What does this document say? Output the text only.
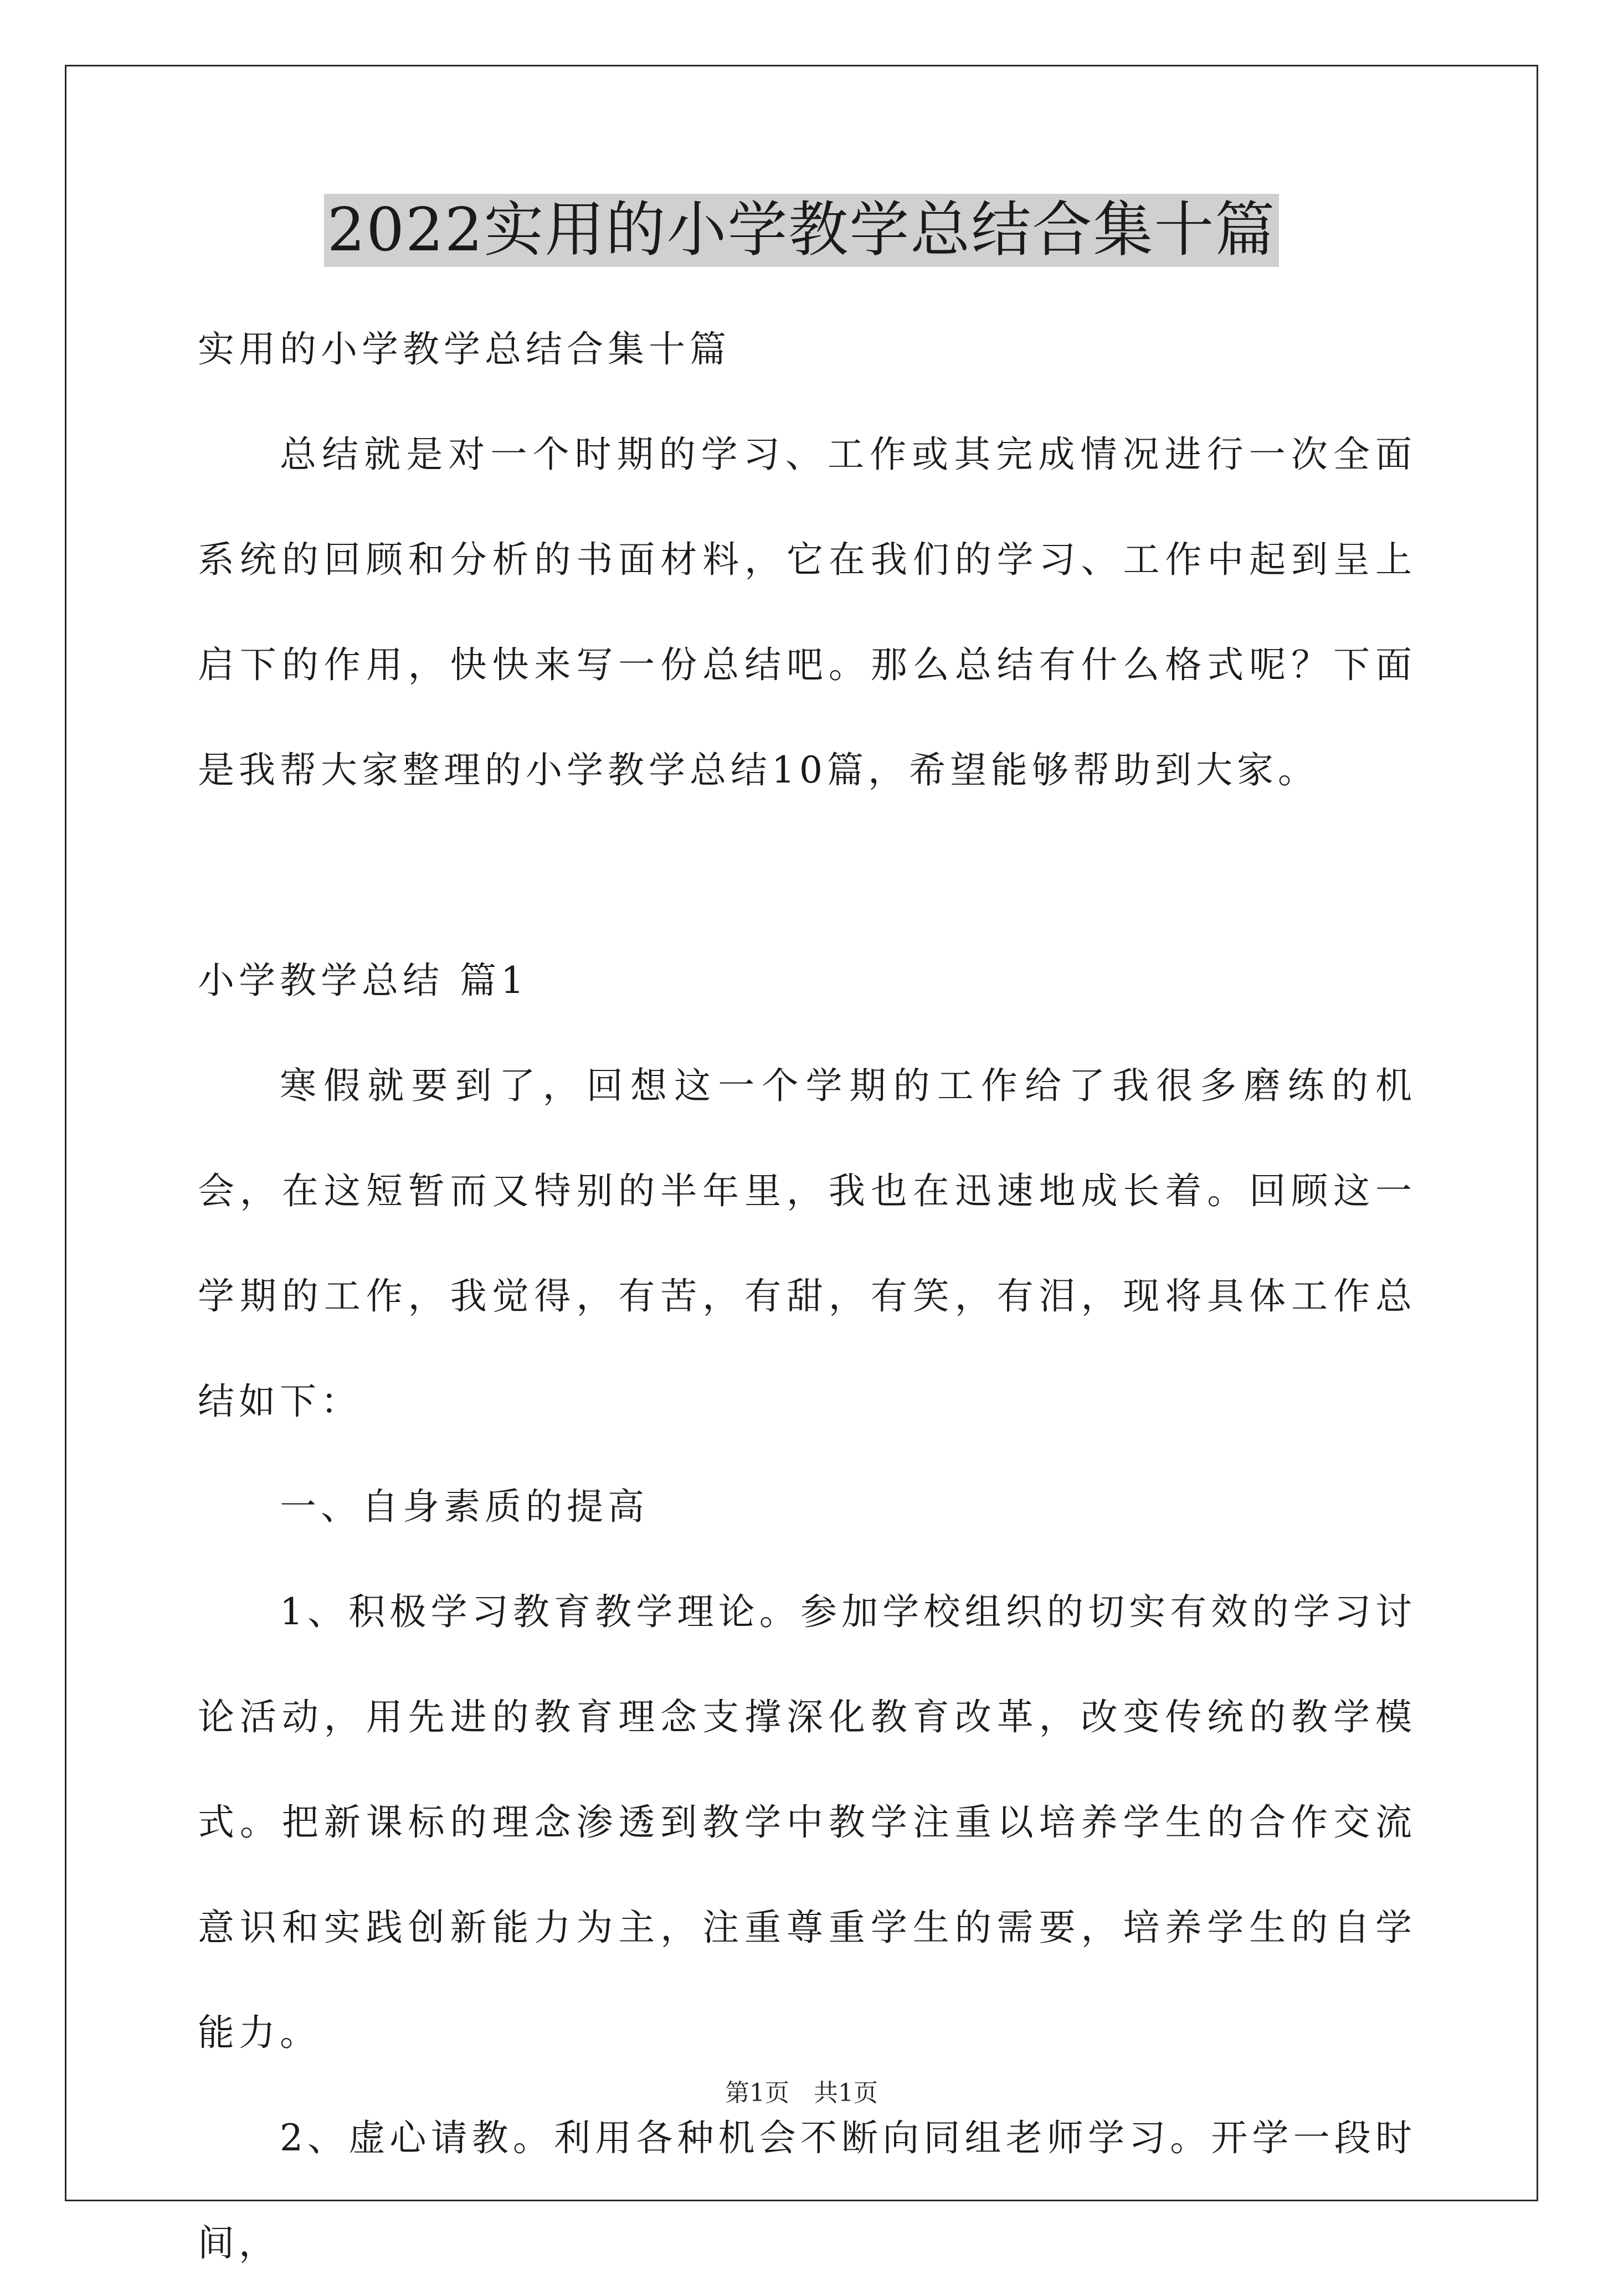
2022实用的小学教学总结合集十篇

实用的小学教学总结合集十篇

总结就是对一个时期的学习、工作或其完成情况进行一次全面系统的回顾和分析的书面材料，它在我们的学习、工作中起到呈上启下的作用，快快来写一份总结吧。那么总结有什么格式呢？下面是我帮大家整理的小学教学总结10篇，希望能够帮助到大家。

小学教学总结 篇1

寒假就要到了，回想这一个学期的工作给了我很多磨练的机会，在这短暂而又特别的半年里，我也在迅速地成长着。回顾这一学期的工作，我觉得，有苦，有甜，有笑，有泪，现将具体工作总结如下：

一、自身素质的提高

1、积极学习教育教学理论。参加学校组织的切实有效的学习讨论活动，用先进的教育理念支撑深化教育改革，改变传统的教学模式。把新课标的理念渗透到教学中教学注重以培养学生的合作交流意识和实践创新能力为主，注重尊重学生的需要，培养学生的自学能力。

2、虚心请教。利用各种机会不断向同组老师学习。开学一段时间，

第1页　共1页
